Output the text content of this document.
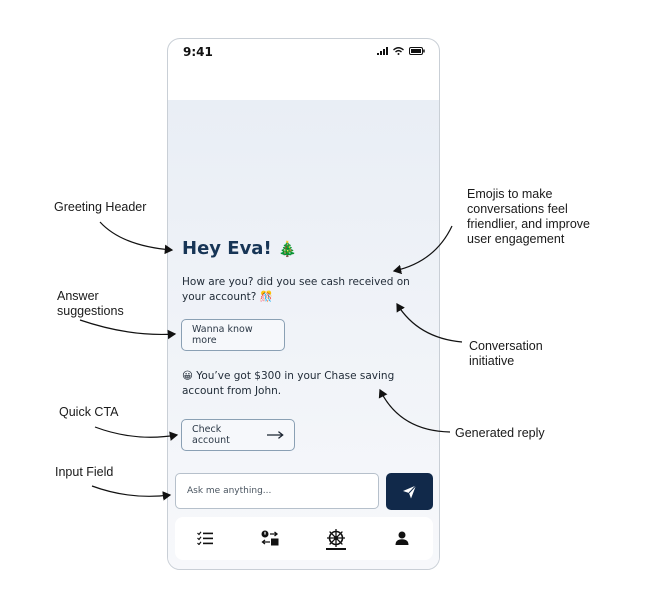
9:41
Hey Eva! 🎄
How are you? did you see cash received on your account? 🎊
Wanna know more
😀 You’ve got $300 in your Chase saving account from John.
Check account
Ask me anything...
Greeting Header
Answer
suggestions
Quick CTA
Input Field
Emojis to make
conversations feel
friendlier, and improve
user engagement
Conversation
initiative
Generated reply
